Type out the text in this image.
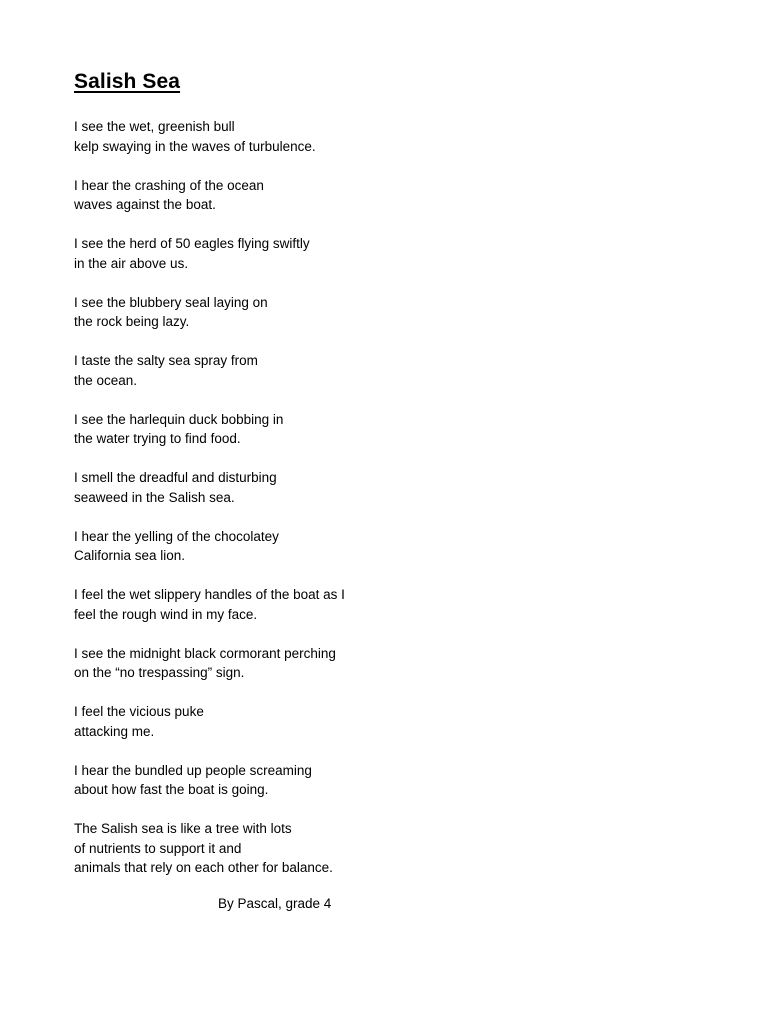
Salish Sea
I see the wet, greenish bull
kelp swaying in the waves of turbulence.
I hear the crashing of the ocean
waves against the boat.
I see the herd of 50 eagles flying swiftly
in the air above us.
I see the blubbery seal laying on
the rock being lazy.
I taste the salty sea spray from
the ocean.
I see the harlequin duck bobbing in
the water trying to find food.
I smell the dreadful and disturbing
seaweed in the Salish sea.
I hear the yelling of the chocolatey
California sea lion.
I feel the wet slippery handles of the boat as I
feel the rough wind in my face.
I see the midnight black cormorant perching
on the “no trespassing” sign.
I feel the vicious puke
attacking me.
I hear the bundled up people screaming
about how fast the boat is going.
The Salish sea is like a tree with lots
of nutrients to support it and
animals that rely on each other for balance.
By Pascal, grade 4
